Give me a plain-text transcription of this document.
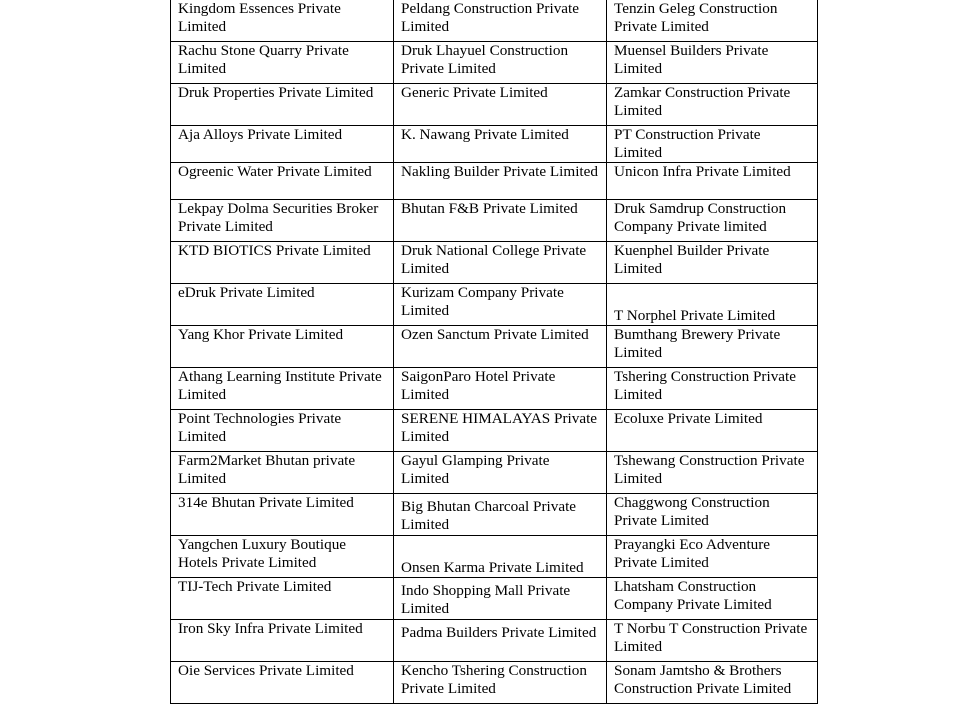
Kingdom Essences Private Limited	Peldang Construction Private Limited	Tenzin Geleg Construction Private Limited
Rachu Stone Quarry Private Limited	Druk Lhayuel Construction Private Limited	Muensel Builders Private Limited
Druk Properties Private Limited	Generic Private Limited	Zamkar Construction Private Limited
Aja Alloys Private Limited	K. Nawang Private Limited	PT Construction Private Limited
Ogreenic Water Private Limited	Nakling Builder Private Limited	Unicon Infra Private Limited
Lekpay Dolma Securities Broker Private Limited	Bhutan F&B Private Limited	Druk Samdrup Construction Company Private limited
KTD BIOTICS Private Limited	Druk National College Private Limited	Kuenphel Builder Private Limited
eDruk Private Limited	Kurizam Company Private Limited	T Norphel Private Limited
Yang Khor Private Limited	Ozen Sanctum Private Limited	Bumthang Brewery Private Limited
Athang Learning Institute Private Limited	SaigonParo Hotel Private Limited	Tshering Construction Private Limited
Point Technologies Private Limited	SERENE HIMALAYAS Private Limited	Ecoluxe Private Limited
Farm2Market Bhutan private Limited	Gayul Glamping Private Limited	Tshewang Construction Private Limited
314e Bhutan Private Limited	Big Bhutan Charcoal Private Limited	Chaggwong Construction Private Limited
Yangchen Luxury Boutique Hotels Private Limited	Onsen Karma Private Limited	Prayangki Eco Adventure Private Limited
TIJ-Tech Private Limited	Indo Shopping Mall Private Limited	Lhatsham Construction Company Private Limited
Iron Sky Infra Private Limited	Padma Builders Private Limited	T Norbu T Construction Private Limited
Oie Services Private Limited	Kencho Tshering Construction Private Limited	Sonam Jamtsho & Brothers Construction Private Limited
